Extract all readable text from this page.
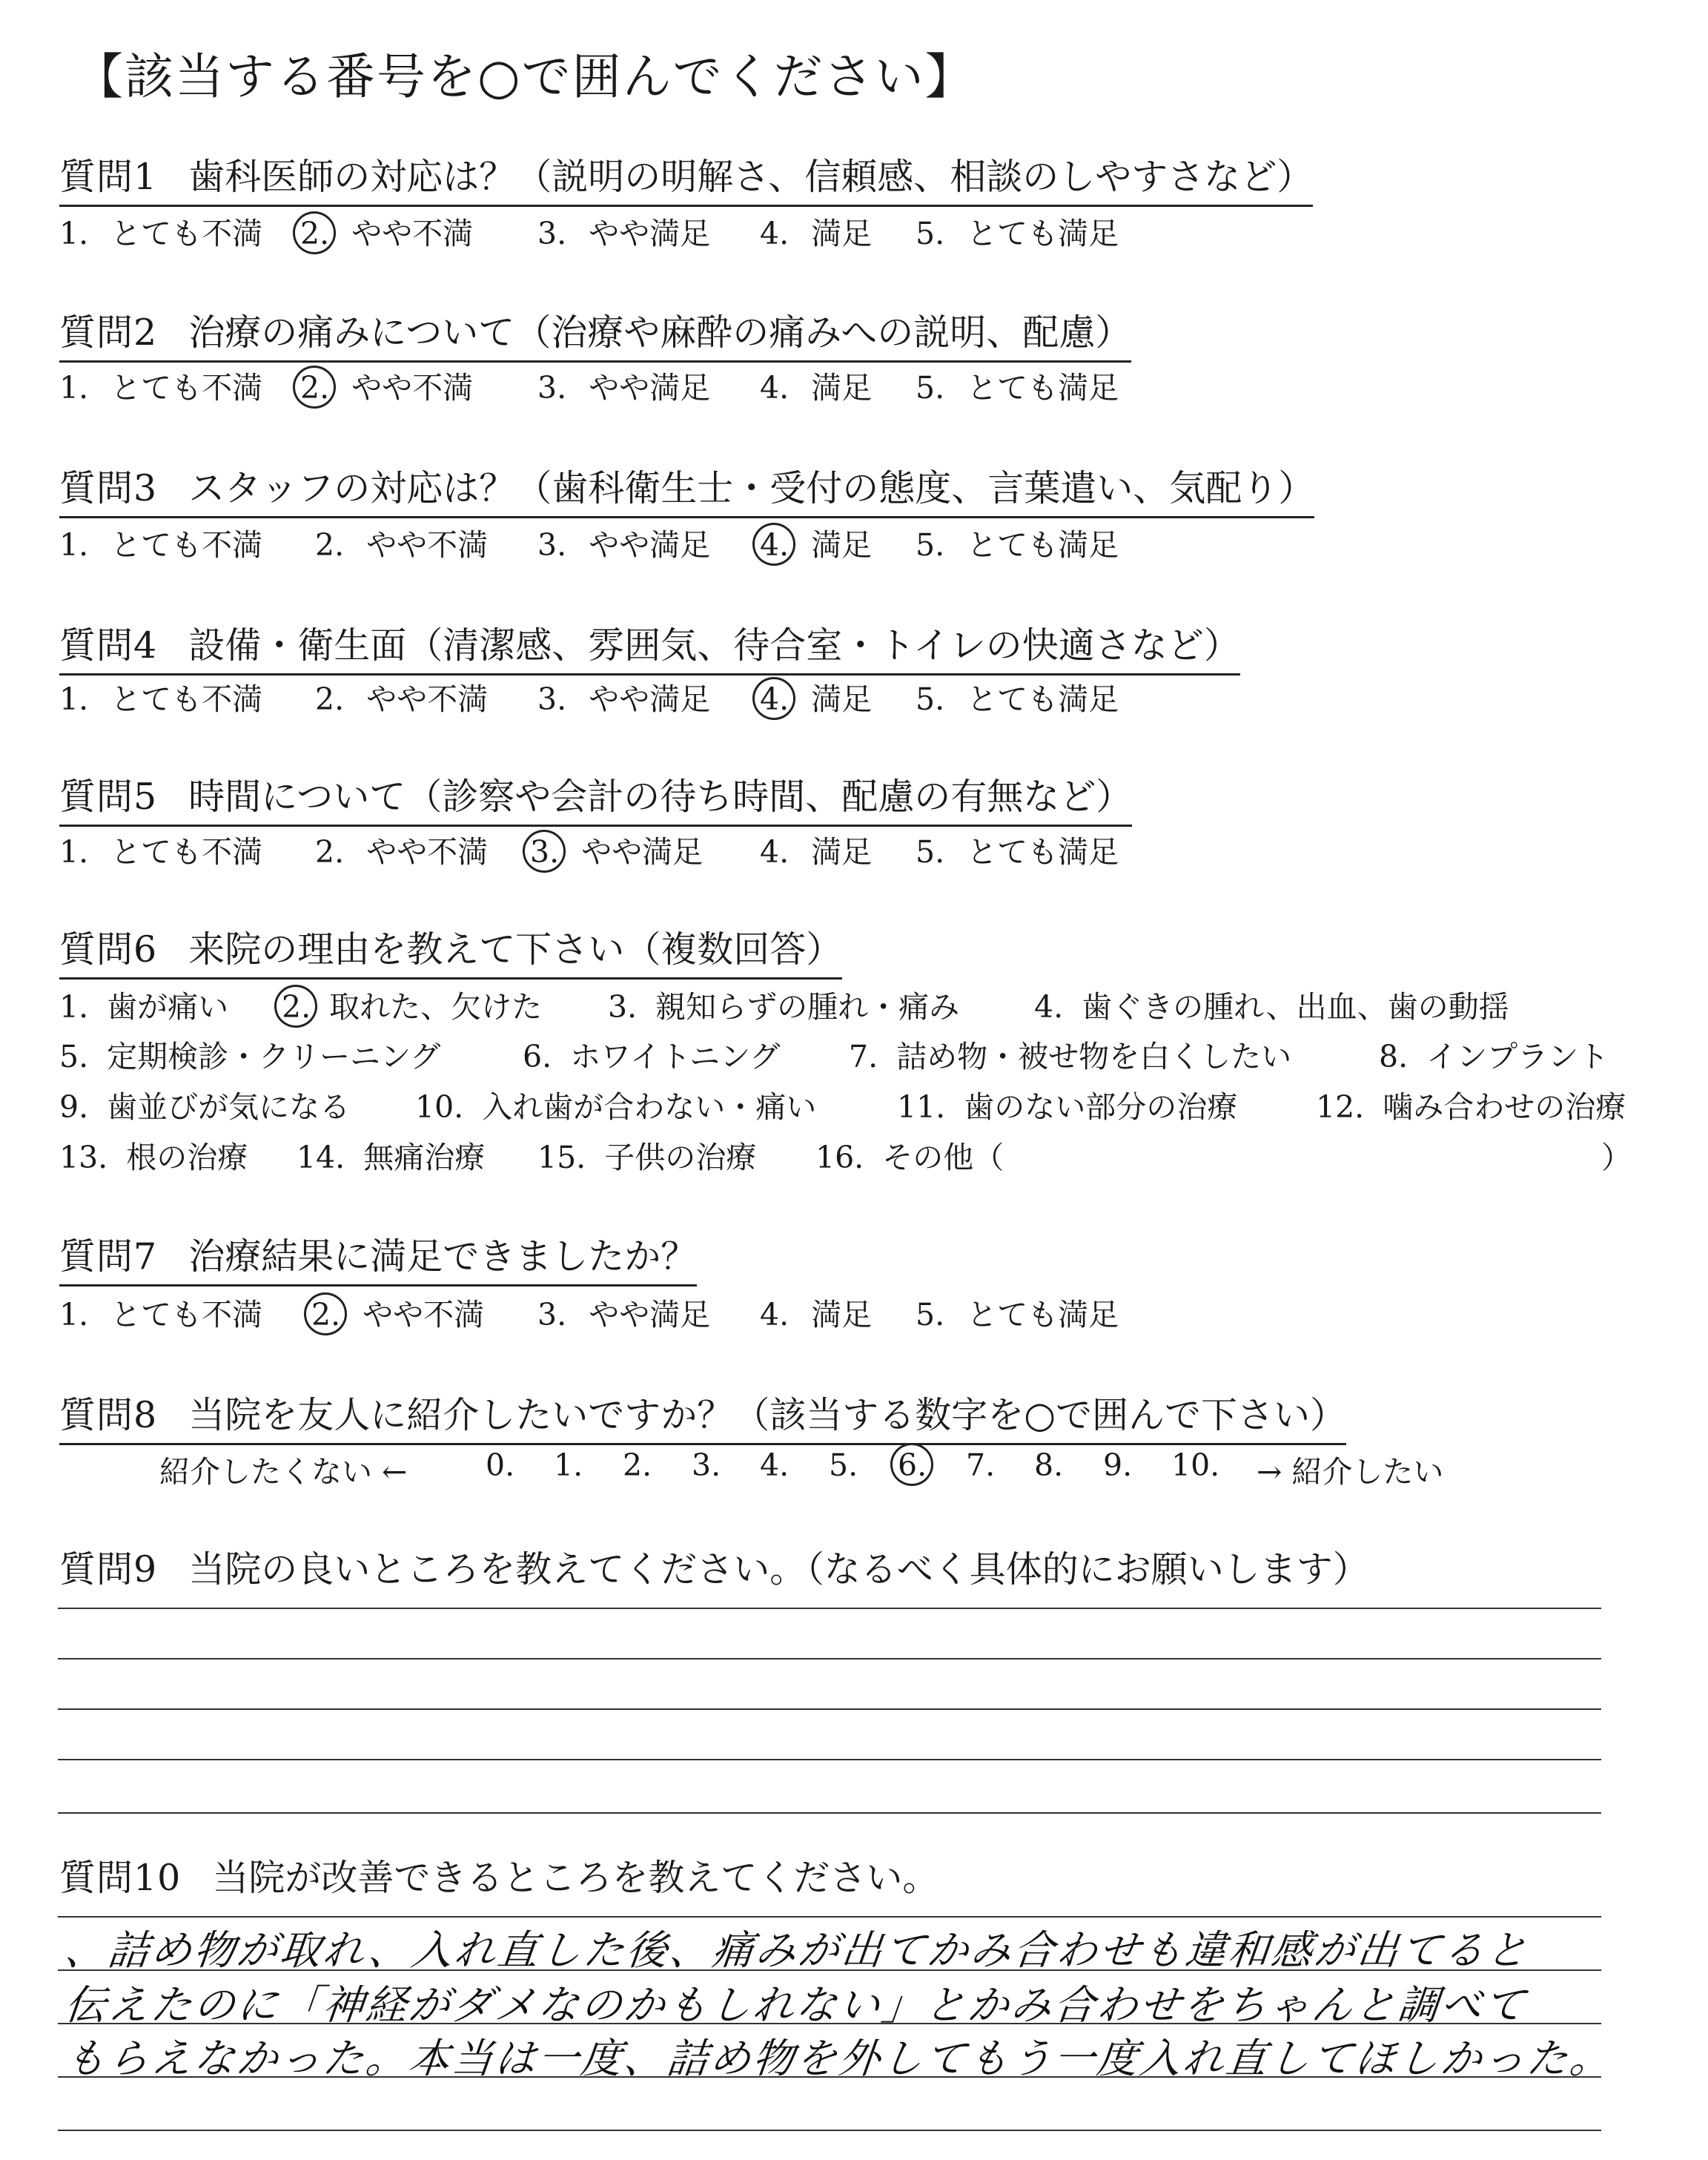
【該当する番号を○で囲んでください】
質問1 歯科医師の対応は？（説明の明解さ、信頼感、相談のしやすさなど）
1. とても不満 2. やや不満 3. やや満足 4. 満足 5. とても満足
質問2 治療の痛みについて（治療や麻酔の痛みへの説明、配慮）
1. とても不満 2. やや不満 3. やや満足 4. 満足 5. とても満足
質問3 スタッフの対応は？（歯科衛生士・受付の態度、言葉遣い、気配り）
1. とても不満 2. やや不満 3. やや満足 4. 満足 5. とても満足
質問4 設備・衛生面（清潔感、雰囲気、待合室・トイレの快適さなど）
1. とても不満 2. やや不満 3. やや満足 4. 満足 5. とても満足
質問5 時間について（診察や会計の待ち時間、配慮の有無など）
1. とても不満 2. やや不満 3. やや満足 4. 満足 5. とても満足
質問6 来院の理由を教えて下さい（複数回答）
1. 歯が痛い 2. 取れた、欠けた 3. 親知らずの腫れ・痛み 4. 歯ぐきの腫れ、出血、歯の動揺
5. 定期検診・クリーニング	6. ホワイトニング 7. 詰め物・被せ物を白くしたい	8. インプラント
9. 歯並びが気になる 10. 入れ歯が合わない・痛い	11. 歯のない部分の治療	12. 噛み合わせの治療
13. 根の治療 14. 無痛治療 15. 子供の治療 16. その他（	）
質問7 治療結果に満足できましたか？
1. とても不満 2. やや不満 3. やや満足 4. 満足 5. とても満足
質問8 当院を友人に紹介したいですか？（該当する数字を○で囲んで下さい）
紹介したくない ←	0. 1. 2. 3. 4. 5. 6. 7. 8. 9. 10. → 紹介したい
質問9 当院の良いところを教えてください。（なるべく具体的にお願いします）
質問10 当院が改善できるところを教えてください。
、詰め物が取れ、入れ直した後、痛みが出てかみ合わせも違和感が出てると
伝えたのに「神経がダメなのかもしれない」とかみ合わせをちゃんと調べて
もらえなかった。本当は一度、詰め物を外してもう一度入れ直してほしかった。
